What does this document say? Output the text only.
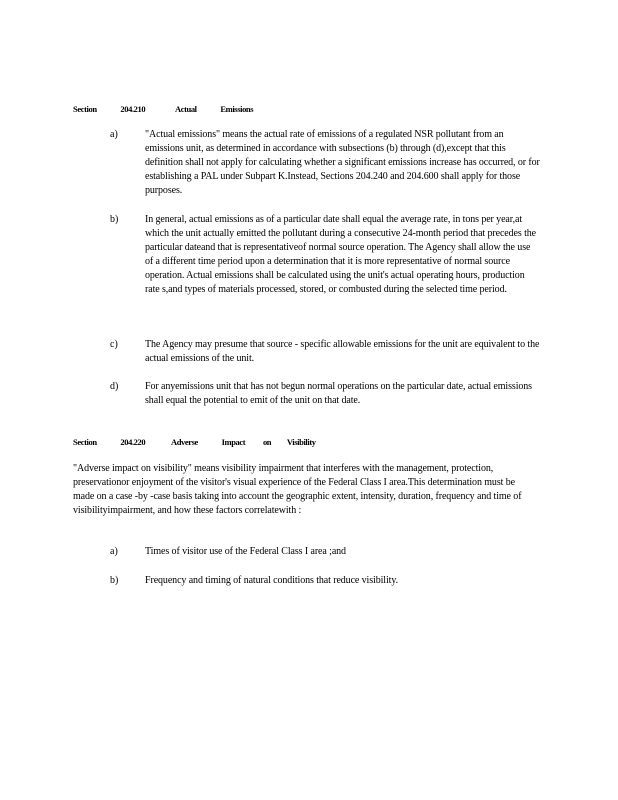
Section	204.210	Actual	Emissions
a)	"Actual emissions" means the actual rate of emissions of a regulated NSR pollutant from an emissions unit, as determined in accordance with subsections (b) through (d),except that this definition shall not apply for calculating whether a significant emissions increase has occurred, or for establishing a PAL under Subpart K.Instead, Sections 204.240 and 204.600 shall apply for those purposes.
b)	In general, actual emissions as of a particular date shall equal the average rate, in tons per year,at which the unit actually emitted the pollutant during a consecutive 24-month period that precedes the particular dateand that is representativeof normal source operation. The Agency shall allow the use of a different time period upon a determination that it is more representative of normal source operation. Actual emissions shall be calculated using the unit's actual operating hours, production rate s,and types of materials processed, stored, or combusted during the selected time period.
c)	The Agency may presume that source - specific allowable emissions for the unit are equivalent to the actual emissions of the unit.
d)	For anyemissions unit that has not begun normal operations on the particular date, actual emissions shall equal the potential to emit of the unit on that date.
Section	204.220	Adverse	Impact on Visibility
"Adverse impact on visibility" means visibility impairment that interferes with the management, protection, preservationor enjoyment of the visitor's visual experience of the Federal Class I area.This determination must be made on a case -by -case basis taking into account the geographic extent, intensity, duration, frequency and time of visibilityimpairment, and how these factors correlatewith :
a)	Times of visitor use of the Federal Class I area ;and
b)	Frequency and timing of natural conditions that reduce visibility.
